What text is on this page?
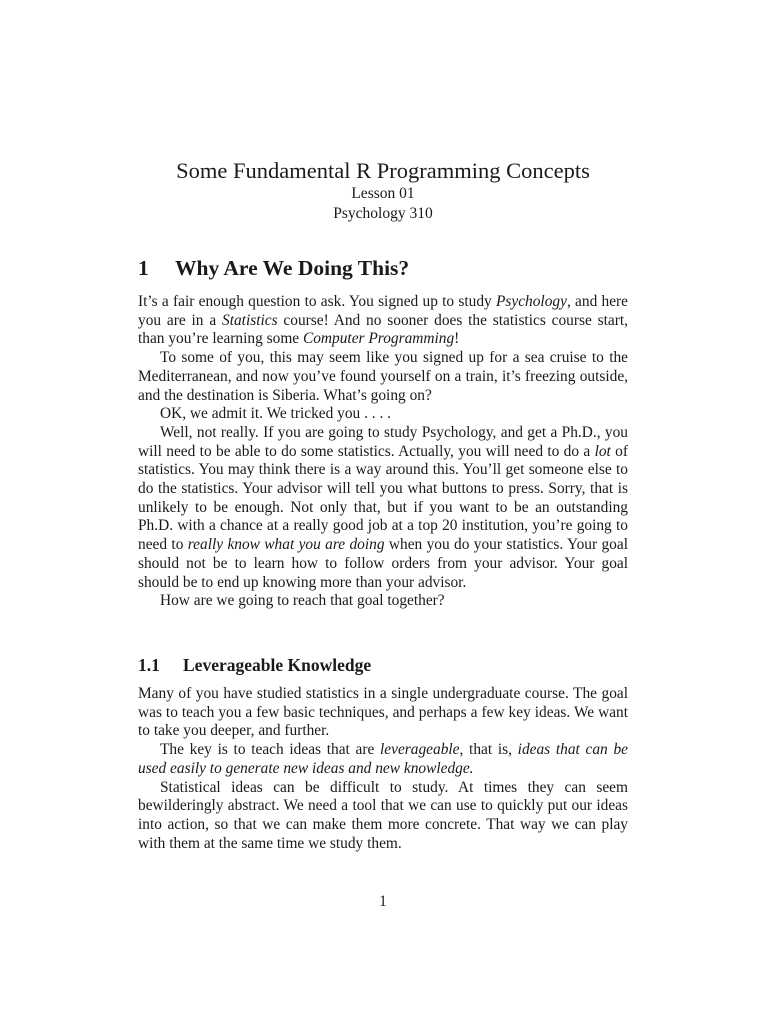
Some Fundamental R Programming Concepts
Lesson 01
Psychology 310
1 Why Are We Doing This?

It’s a fair enough question to ask. You signed up to study Psychology, and here you are in a Statistics course! And no sooner does the statistics course start, than you’re learning some Computer Programming!

To some of you, this may seem like you signed up for a sea cruise to the Mediterranean, and now you’ve found yourself on a train, it’s freezing outside, and the destination is Siberia. What’s going on?

OK, we admit it. We tricked you . . . .

Well, not really. If you are going to study Psychology, and get a Ph.D., you will need to be able to do some statistics. Actually, you will need to do a lot of statistics. You may think there is a way around this. You’ll get someone else to do the statistics. Your advisor will tell you what buttons to press. Sorry, that is unlikely to be enough. Not only that, but if you want to be an outstanding Ph.D. with a chance at a really good job at a top 20 institution, you’re going to need to really know what you are doing when you do your statistics. Your goal should not be to learn how to follow orders from your advisor. Your goal should be to end up knowing more than your advisor.

How are we going to reach that goal together?

1.1 Leverageable Knowledge

Many of you have studied statistics in a single undergraduate course. The goal was to teach you a few basic techniques, and perhaps a few key ideas. We want to take you deeper, and further.

The key is to teach ideas that are leverageable, that is, ideas that can be used easily to generate new ideas and new knowledge.

Statistical ideas can be difficult to study. At times they can seem bewilderingly abstract. We need a tool that we can use to quickly put our ideas into action, so that we can make them more concrete. That way we can play with them at the same time we study them.

1
